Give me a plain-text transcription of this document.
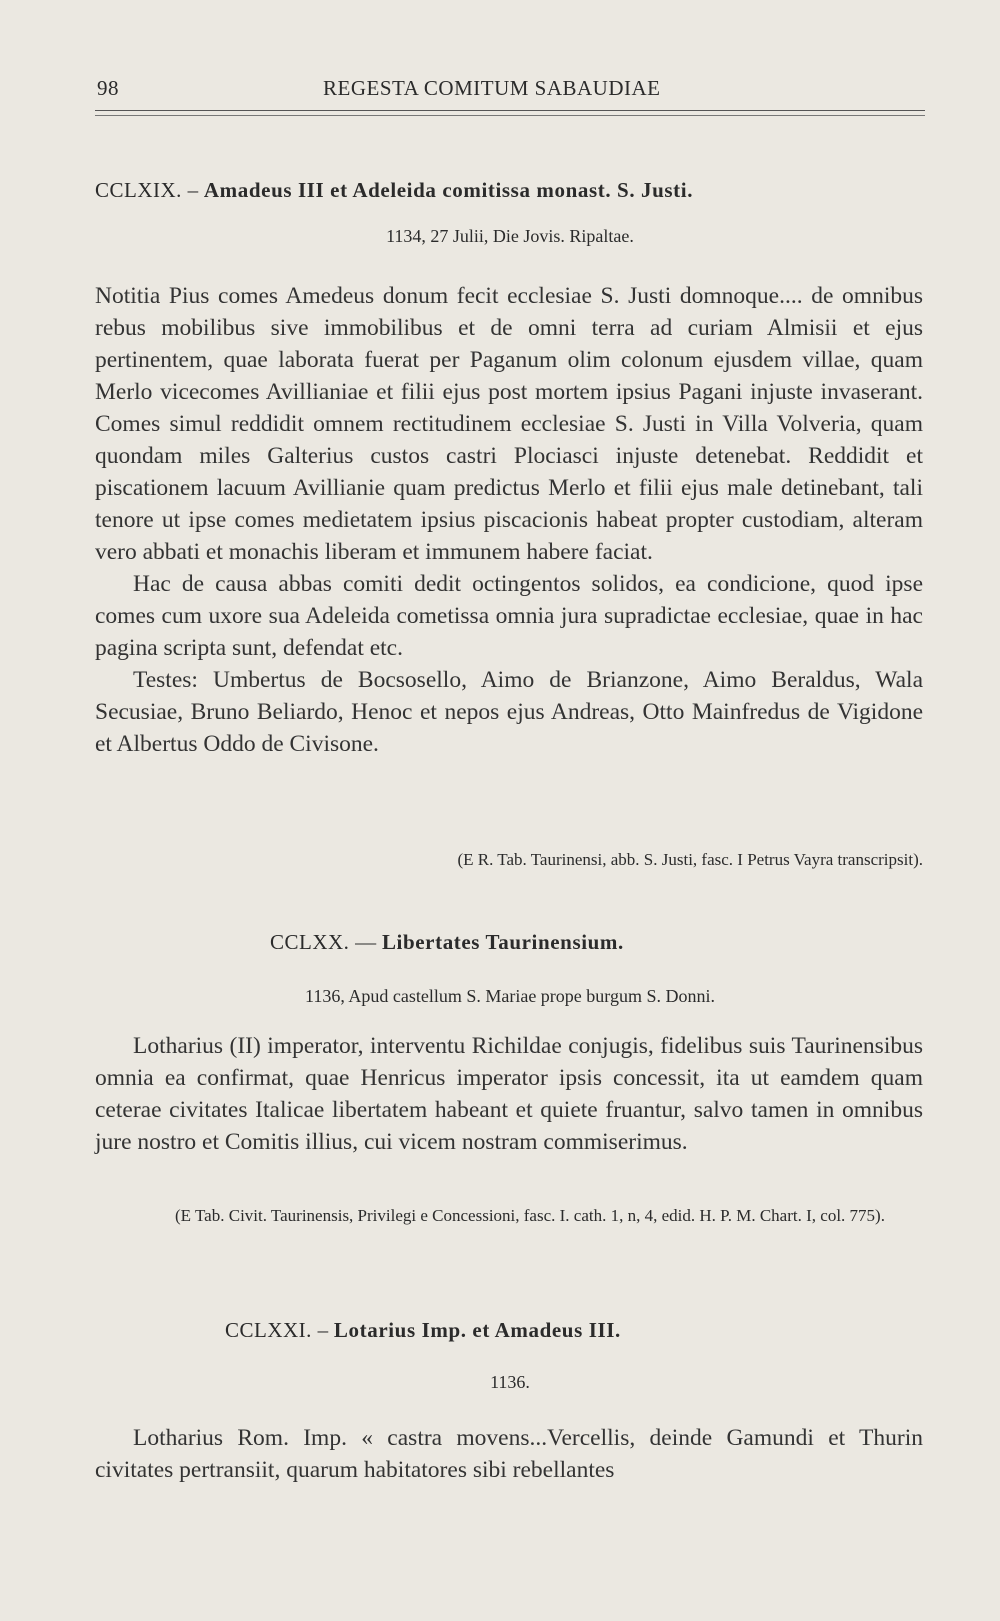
98	REGESTA COMITUM SABAUDIAE
CCLXIX. – Amadeus III et Adeleida comitissa monast. S. Justi.
1134, 27 Julii, Die Jovis. Ripaltae.

Notitia Pius comes Amedeus donum fecit ecclesiae S. Justi domnoque.... de omnibus rebus mobilibus sive immobilibus et de omni terra ad curiam Almisii et ejus pertinentem, quae laborata fuerat per Paganum olim colonum ejusdem villae, quam Merlo vicecomes Avillianiae et filii ejus post mortem ipsius Pagani injuste invaserant. Comes simul reddidit omnem rectitudinem ecclesiae S. Justi in Villa Volveria, quam quondam miles Galterius custos castri Plociasci injuste detenebat. Reddidit et piscationem lacuum Avillianie quam predictus Merlo et filii ejus male detinebant, tali tenore ut ipse comes medietatem ipsius piscacionis habeat propter custodiam, alteram vero abbati et monachis liberam et immunem habere faciat.

Hac de causa abbas comiti dedit octingentos solidos, ea condicione, quod ipse comes cum uxore sua Adeleida cometissa omnia jura supradictae ecclesiae, quae in hac pagina scripta sunt, defendat etc.

Testes: Umbertus de Bocsosello, Aimo de Brianzone, Aimo Beraldus, Wala Secusiae, Bruno Beliardo, Henoc et nepos ejus Andreas, Otto Mainfredus de Vigidone et Albertus Oddo de Civisone.

(E R. Tab. Taurinensi, abb. S. Justi, fasc. I Petrus Vayra transcripsit).

CCLXX. — Libertates Taurinensium.
1136, Apud castellum S. Mariae prope burgum S. Donni.

Lotharius (II) imperator, interventu Richildae conjugis, fidelibus suis Taurinensibus omnia ea confirmat, quae Henricus imperator ipsis concessit, ita ut eamdem quam ceterae civitates Italicae libertatem habeant et quiete fruantur, salvo tamen in omnibus jure nostro et Comitis illius, cui vicem nostram commiserimus.

(E Tab. Civit. Taurinensis, Privilegi e Concessioni, fasc. I. cath. 1, n, 4, edid. H. P. M. Chart. I, col. 775).

CCLXXI. – Lotarius Imp. et Amadeus III.
1136.

Lotharius Rom. Imp. « castra movens...Vercellis, deinde Gamundi et Thurin civitates pertransiit, quarum habitatores sibi rebellantes
